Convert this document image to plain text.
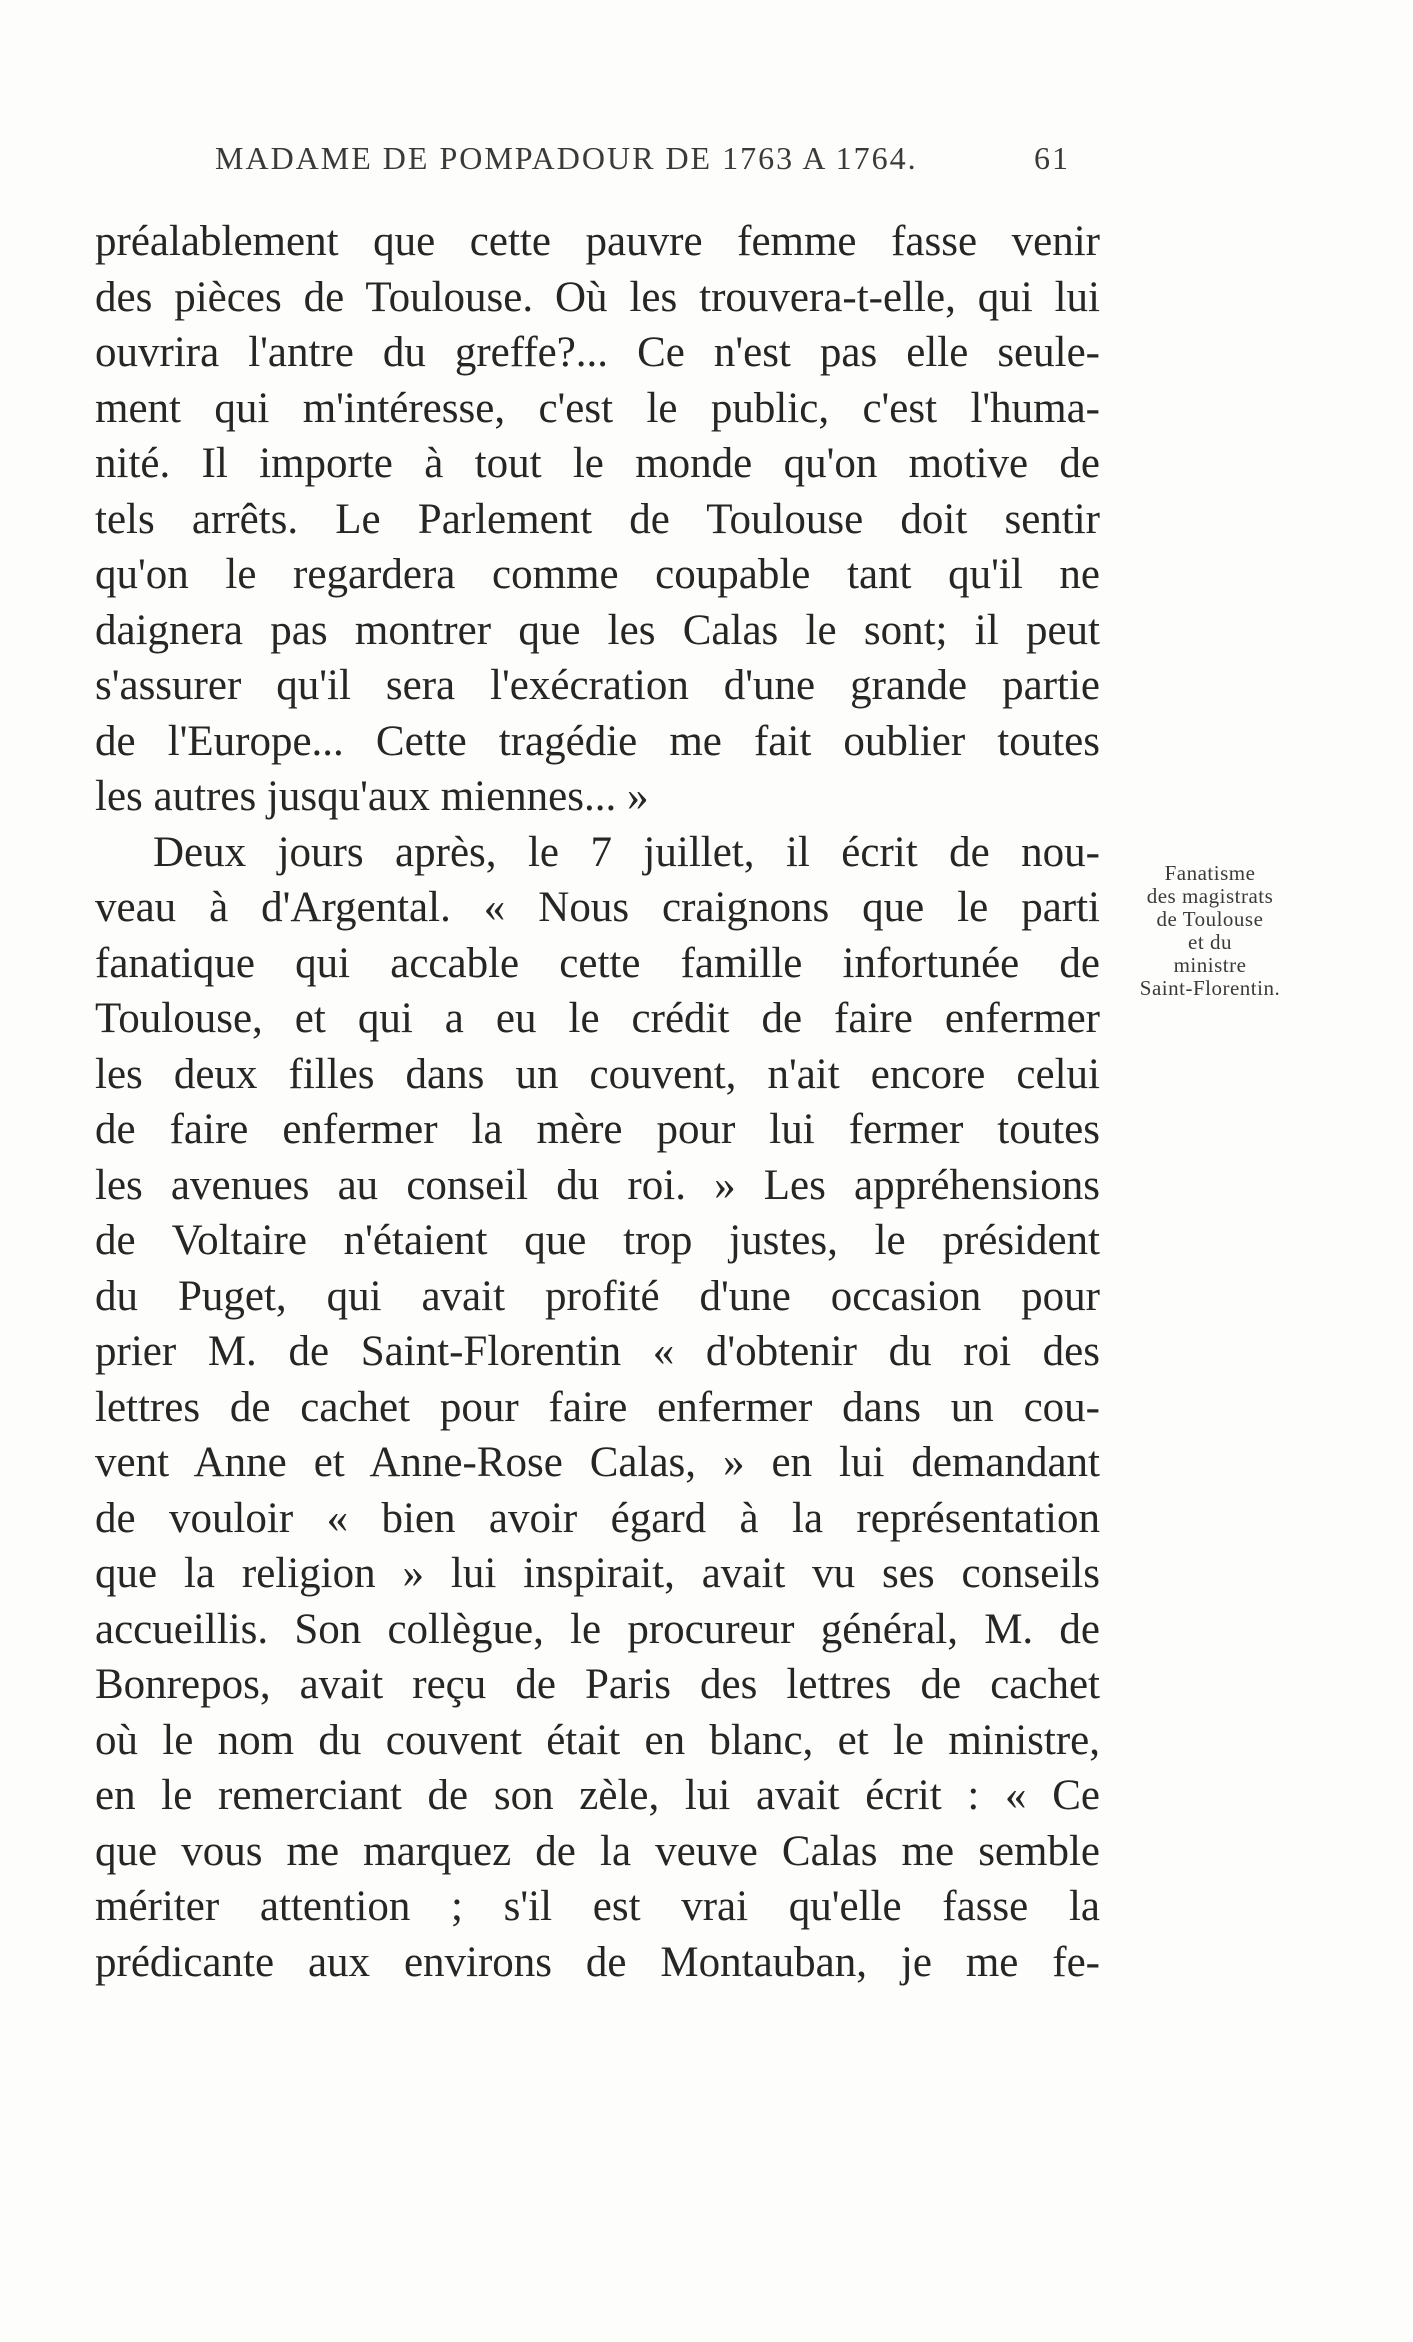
MADAME DE POMPADOUR DE 1763 A 1764.	61
préalablement que cette pauvre femme fasse venir
des pièces de Toulouse. Où les trouvera-t-elle, qui lui
ouvrira l'antre du greffe?... Ce n'est pas elle seule-
ment qui m'intéresse, c'est le public, c'est l'huma-
nité. Il importe à tout le monde qu'on motive de
tels arrêts. Le Parlement de Toulouse doit sentir
qu'on le regardera comme coupable tant qu'il ne
daignera pas montrer que les Calas le sont; il peut
s'assurer qu'il sera l'exécration d'une grande partie
de l'Europe... Cette tragédie me fait oublier toutes
les autres jusqu'aux miennes... »
Deux jours après, le 7 juillet, il écrit de nou-
veau à d'Argental. « Nous craignons que le parti
fanatique qui accable cette famille infortunée de
Toulouse, et qui a eu le crédit de faire enfermer
les deux filles dans un couvent, n'ait encore celui
de faire enfermer la mère pour lui fermer toutes
les avenues au conseil du roi. » Les appréhensions
de Voltaire n'étaient que trop justes, le président
du Puget, qui avait profité d'une occasion pour
prier M. de Saint-Florentin « d'obtenir du roi des
lettres de cachet pour faire enfermer dans un cou-
vent Anne et Anne-Rose Calas, » en lui demandant
de vouloir « bien avoir égard à la représentation
que la religion » lui inspirait, avait vu ses conseils
accueillis. Son collègue, le procureur général, M. de
Bonrepos, avait reçu de Paris des lettres de cachet
où le nom du couvent était en blanc, et le ministre,
en le remerciant de son zèle, lui avait écrit : « Ce
que vous me marquez de la veuve Calas me semble
mériter attention ; s'il est vrai qu'elle fasse la
prédicante aux environs de Montauban, je me fe-
Fanatisme
des magistrats
de Toulouse
et du
ministre
Saint-Florentin.
